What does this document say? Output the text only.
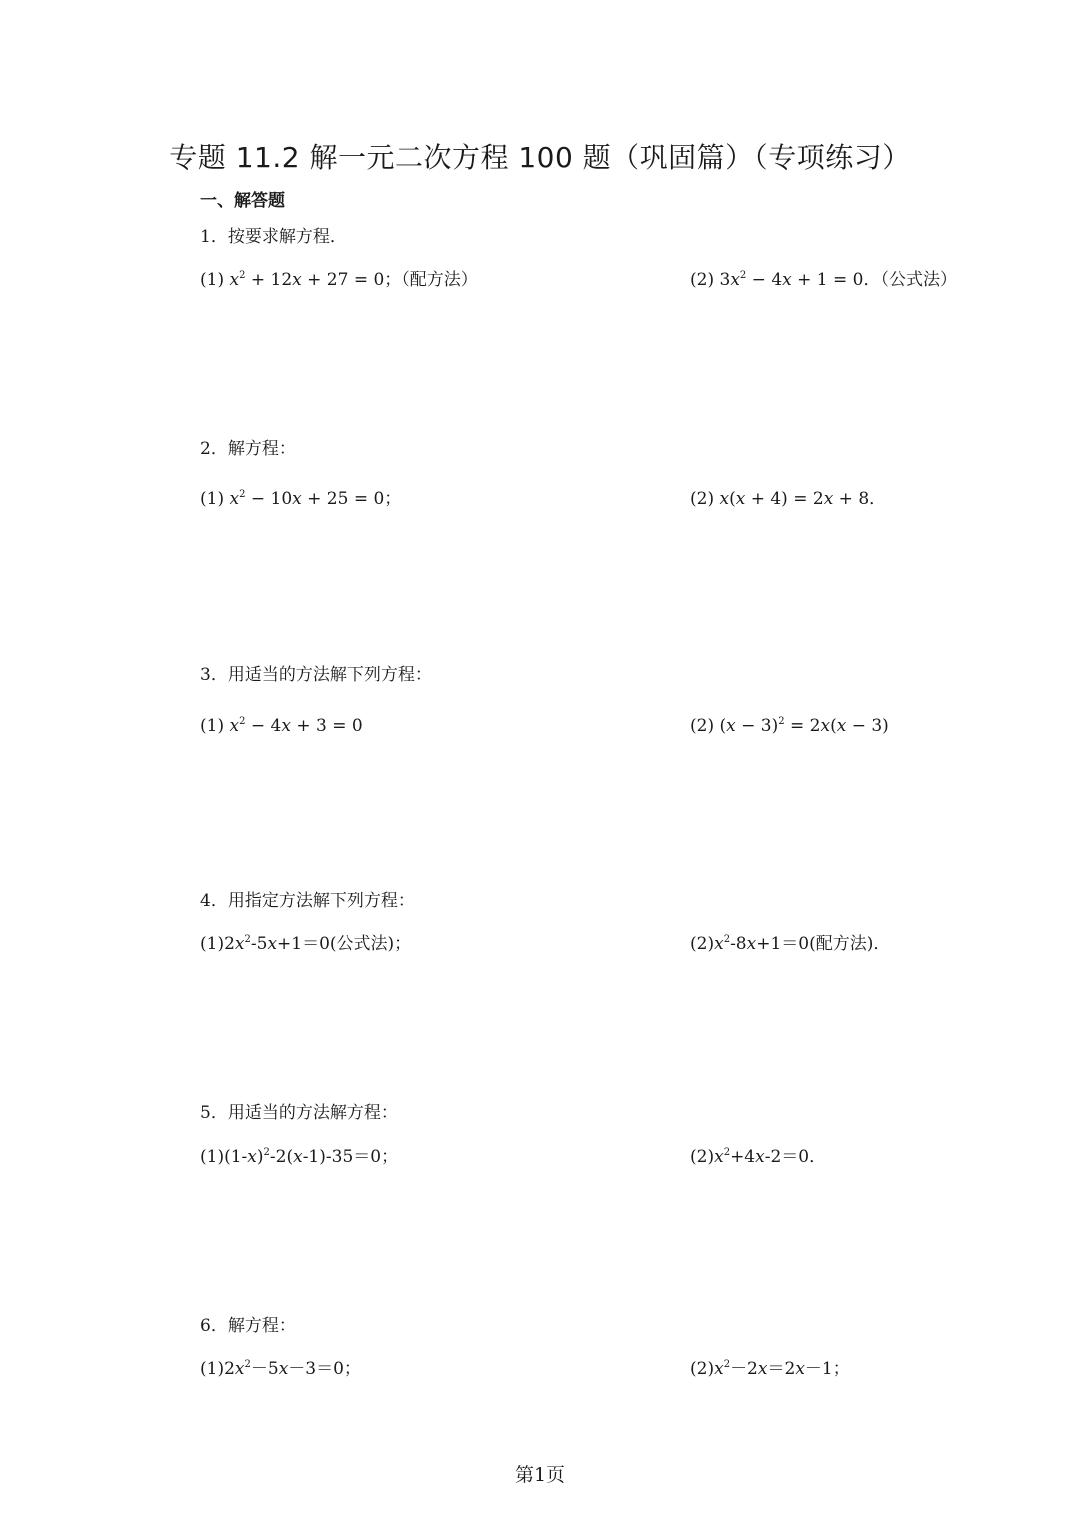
专题 11.2 解一元二次方程 100 题（巩固篇）（专项练习）
一、解答题
1．按要求解方程．
(1) $x^2 + 12x + 27 = 0$；（配方法）	(2) $3x^2 - 4x + 1 = 0$．（公式法）
2．解方程：
(1) $x^2 - 10x + 25 = 0$；	(2) x(x + 4) = 2x + 8．
3．用适当的方法解下列方程：
(1) $x^2 - 4x + 3 = 0$	(2) $(x - 3)^2 = 2x(x - 3)$
4．用指定方法解下列方程：
$(1)2x^2-5x+1=0$(公式法)；	$(2)x^2-8x+1=0$(配方法)．
5．用适当的方法解方程：
$(1)(1-x)^2-2(x-1)-35=0$；	$(2)x^2+4x-2=0$．
6．解方程：
$(1)2x^2-5x-3=0$；	$(2)x^2-2x=2x-1$；
第1页
